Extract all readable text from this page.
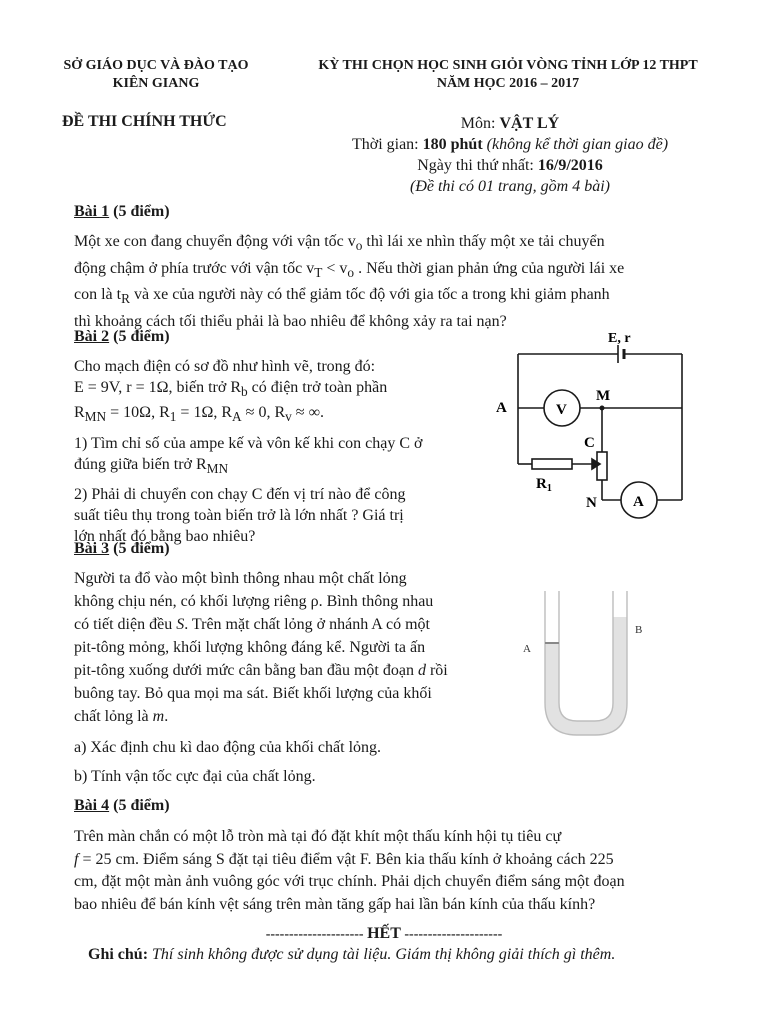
SỞ GIÁO DỤC VÀ ĐÀO TẠO
KIÊN GIANG
KỲ THI CHỌN HỌC SINH GIỎI VÒNG TỈNH LỚP 12 THPT
NĂM HỌC 2016 – 2017
ĐỀ THI CHÍNH THỨC	Môn: VẬT LÝ
Thời gian: 180 phút (không kể thời gian giao đề)
Ngày thi thứ nhất: 16/9/2016
(Đề thi có 01 trang, gồm 4 bài)
Bài 1 (5 điểm)
Một xe con đang chuyển động với vận tốc $v_o$ thì lái xe nhìn thấy một xe tải chuyển
động chậm ở phía trước với vận tốc $v_T < v_o$ . Nếu thời gian phản ứng của người lái xe
con là $t_R$ và xe của người này có thể giảm tốc độ với gia tốc a trong khi giảm phanh
thì khoảng cách tối thiểu phải là bao nhiêu để không xảy ra tai nạn?
Bài 2 (5 điểm)
Cho mạch điện có sơ đồ như hình vẽ, trong đó:
E = 9V, r = 1Ω, biến trở $R_b$ có điện trở toàn phần
$R_{MN} = 10\Omega$, $R_1 = 1\Omega$, $R_A \approx 0$, $R_v$ ≈ ∞.
1) Tìm chỉ số của ampe kế và vôn kế khi con chạy C ở
đúng giữa biến trở $R_{MN}$
2) Phải di chuyển con chạy C đến vị trí nào để công
suất tiêu thụ trong toàn biến trở là lớn nhất ? Giá trị
lớn nhất đó bằng bao nhiêu?
E, r
A	V
M
C
$R_1$
N A
Bài 3 (5 điểm)
Người ta đổ vào một bình thông nhau một chất lỏng
không chịu nén, có khối lượng riêng ρ. Bình thông nhau
có tiết diện đều S. Trên mặt chất lỏng ở nhánh A có một
pit-tông mỏng, khối lượng không đáng kể. Người ta ấn
pit-tông xuống dưới mức cân bằng ban đầu một đoạn d rồi
buông tay. Bỏ qua mọi ma sát. Biết khối lượng của khối
chất lỏng là m.
a) Xác định chu kì dao động của khối chất lỏng.
b) Tính vận tốc cực đại của chất lỏng.
A
B
Bài 4 (5 điểm)
Trên màn chắn có một lỗ tròn mà tại đó đặt khít một thấu kính hội tụ tiêu cự
f = 25 cm. Điểm sáng S đặt tại tiêu điểm vật F. Bên kia thấu kính ở khoảng cách 225
cm, đặt một màn ảnh vuông góc với trục chính. Phải dịch chuyển điểm sáng một đoạn
bao nhiêu để bán kính vệt sáng trên màn tăng gấp hai lần bán kính của thấu kính?
--------------------- HẾT ---------------------
Ghi chú: Thí sinh không được sử dụng tài liệu. Giám thị không giải thích gì thêm.
